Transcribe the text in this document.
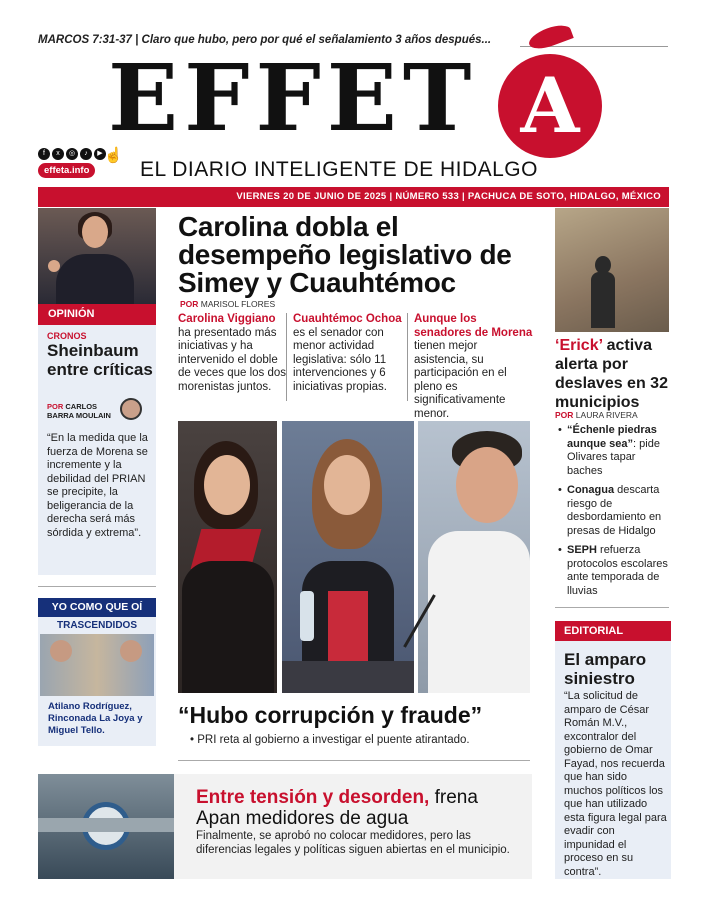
MARCOS 7:31-37 | Claro que hubo, pero por qué el señalamiento 3 años después...
EFFET A
f	x	◎	♪	▶ ☝
effeta.info EL DIARIO INTELIGENTE DE HIDALGO
VIERNES 20 DE JUNIO DE 2025 | NÚMERO 533 | PACHUCA DE SOTO, HIDALGO, MÉXICO
OPINIÓN
CRONOS
Sheinbaum entre críticas
POR CARLOS BARRA MOULAIN
“En la medida que la fuerza de Morena se incremente y la debilidad del PRIAN se precipite, la beligerancia de la derecha será más sórdida y extrema”.
YO COMO QUE OÍ
TRASCENDIDOS
Atilano Rodríguez, Rinconada La Joya y Miguel Tello.
Carolina dobla el desempeño legislativo de Simey y Cuauhtémoc
POR MARISOL FLORES
Carolina Viggiano ha presentado más iniciativas y ha intervenido el doble de veces que los dos morenistas juntos.
Cuauhtémoc Ochoa es el senador con menor actividad legislativa: sólo 11 intervenciones y 6 iniciativas propias.
Aunque los senadores de Morena tienen mejor asistencia, su participación en el pleno es significativamente menor.
“Hubo corrupción y fraude”
• PRI reta al gobierno a investigar el puente atirantado.
Entre tensión y desorden, frena Apan medidores de agua
Finalmente, se aprobó no colocar medidores, pero las diferencias legales y políticas siguen abiertas en el municipio.
‘Erick’ activa alerta por deslaves en 32 municipios
POR LAURA RIVERA
• “Échenle piedras aunque sea”: pide Olivares tapar baches
• Conagua descarta riesgo de desbordamiento en presas de Hidalgo
• SEPH refuerza protocolos escolares ante temporada de lluvias
EDITORIAL
El amparo siniestro
“La solicitud de amparo de César Román M.V., excontralor del gobierno de Omar Fayad, nos recuerda que han sido muchos políticos los que han utilizado esta figura legal para evadir con impunidad el proceso en su contra”.
